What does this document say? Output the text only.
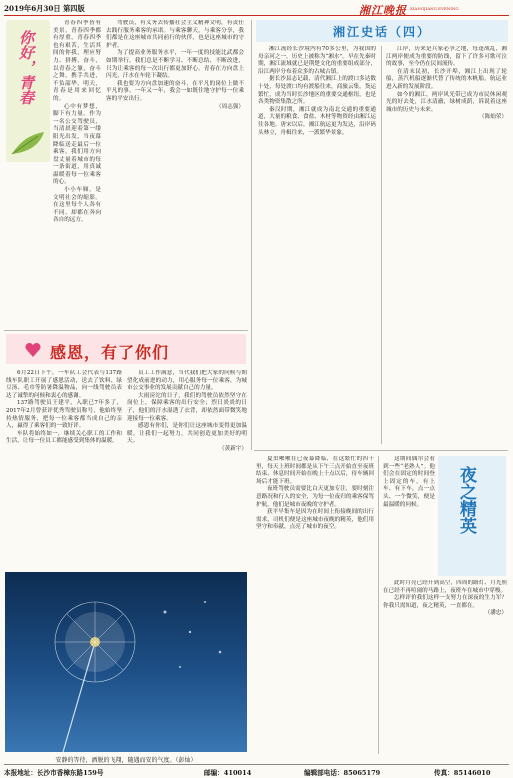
2019年6月30日 第四版	湘江晚报 XIANGJIANG EVENING
你好，青春

青春四季皆有美景，青春四季都有厚重，青春四季也有艰苦，生活其间的你我，理应努力、拼搏、奋斗，以青春之躯，奋斗之舞，携手共进，不负韶华。明天，青春是用来回忆的。

心中有梦想，脚下有力量。作为一名公交驾驶员，当清晨迎着第一缕阳光出发，当夜幕降临送走最后一位乘客，我们用方向盘丈量着城市的每一条街道，用真诚温暖着每一位乘客的心。

小小车厢，是文明社会的缩影。在这里每个人各有不同，却都在奔向各自的远方。

驾驶员，有义务去传播社会主义精神文明，有责任去践行服务乘客的承诺。与乘客聊天，与乘客分享，我们都是在这座城市共同前行的伙伴，也是这座城市的守护者。

为了提高业务服务水平，一年一度的技能比武都会如期举行。我们总是不断学习、不断总结、不断改进，只为让乘客的每一次出行都更加舒心。青春在方向盘上闪光，汗水在车轮下凝结。

我也要为方向盘加速的奋斗，在平凡的岗位上做不平凡的事。一年又一年，我会一如既往地守护每一位乘客的平安出行。

（周志强）

湘江史话（四）

湘江流经长沙境内有70多公里，为我国的母亲河之一，历史上被称为“湘水”。早在先秦时期，湘江流域就已是荆楚文化的重要组成部分，沿江两岸分布着众多的古城古镇。

据长沙县志记载，清代湘江上的渡口多达数十处，每处渡口均有渡船往来，商旅云集，货运繁忙，成为当时长沙地区的重要交通枢纽，也是各类物资集散之所。

秦汉时期，湘江就成为南北交通的重要通道，大量的粮食、食盐、木材等物资经由湘江运往各地。唐宋以后，湘江航运更为发达，沿岸码头林立，舟楫往来，一派繁华景象。

江岸，历来是兵家必争之地，每逢战乱，湘江两岸便成为重要的防线，留下了许多可歌可泣的故事，至今仍在民间流传。

在清末民初，长沙开埠，湘江上出现了轮船，蒸汽机船逐渐代替了传统的木帆船，航运业进入新的发展阶段。

如今的湘江，两岸风光带已成为市民休闲观光的好去处，江水清澈，绿树成荫，诉说着这座城市的历史与未来。

（陈灿荣）

感恩，有了你们

6月22日下午，一车队工会代表与137路线车队职工开展了感恩活动，送去了饮料、绿豆汤、毛巾等防暑降温物品，向一线驾驶员表达了诚挚的问候和衷心的感谢。

137路驾驶员王建平，入职已7年多了，2017年2月曾获评优秀驾驶员称号，他始终坚持热情服务，把每一位乘客都当成自己的亲人，赢得了乘客们的一致好评。

车队将始终如一，继续关心职工的工作和生活，让每一位员工都能感受到集体的温暖。

员工工作满意，当代我们把大家的问候与期望化成前进的动力，用心服务每一位乘客，为城市公交事业的发展贡献自己的力量。

大雨滂沱的日子，我们的驾驶员依然坚守在岗位上，保障乘客的出行安全；烈日炎炎的日子，他们的汗水湿透了衣背，却依然面带微笑地迎接每一位乘客。

感恩有你们，是你们让这座城市变得更加温暖。让我们一起努力，共同创造更加美好的明天。

（黄新宇）

安静的等待，洒脱的飞翔，随遇而安的气度。（彭灿）

夏虫啾啾在已夜幕降临，在这繁忙的四十里，每天上班时间都是从下午三点开始直至夜班结束。休息时间开始在晚上十点以后，待车辆回场后才能下班。

夜班驾驶员需要比白天更加专注，要时刻注意路况和行人的安全，为每一位夜归的乘客保驾护航，他们是城市夜晚的守护者。

获平早集车是因为在时间上衔接晚间的出行需求，司机们便是这座城市夜晚的精英，他们用坚守和奉献，点亮了城市的夜空。	夜之精英

这期间偶尔会看到一些“老熟人”。他们会在固定的时间登上固定的车，有上车、有下车，点一点头、一个微笑，便是最温暖的问候。

此时月亮已经升到高空，四周的路灯、月光照在已经不再喧闹的马路上，夜班车在城市中穿梭。

怎样评价我们这样一支努力在深夜的生力军？你我只需知道，夜之精英，一直都在。

（潘忠）

本报地址：长沙市香樟东路159号	邮编：410014	编辑部电话：85065179	传真：85146010
